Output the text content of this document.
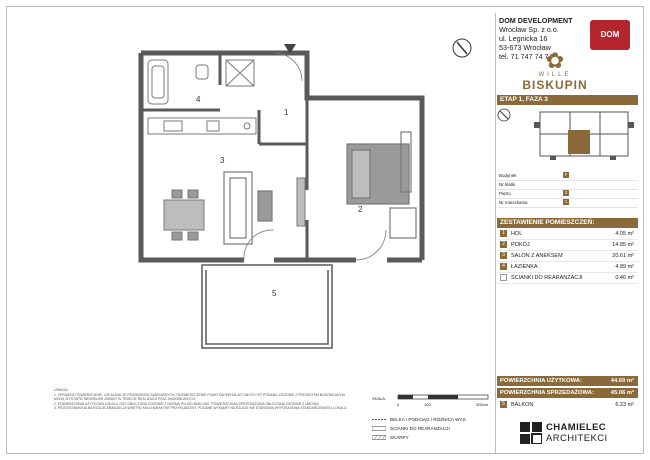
1
2
3
4
5
DOM DEVELOPMENT
Wrocław Sp. z o.o.
ul. Legnicka 16
53-673 Wrocław
tel. 71 747 74 74
DOM
✿
WILLE
BISKUPIN
ETAP 1, FAZA 3
Budynek	F
Nr klatki
Piętro	2
Nr mieszkania	1
ZESTAWIENIE POMIESZCZEŃ:
1	HOL	4.05 m²
2	POKÓJ	14.85 m²
3	SALON Z ANEKSEM	20.61 m²
4	ŁAZIENKA	4.89 m²
ŚCIANKI DO REARANŻACJI	0.46 m²
POWIERZCHNIA UŻYTKOWA:	44.69 m²
POWIERZCHNIA SPRZEDAŻOWA:	45.06 m²
5	BALKON	6.23 m²
UWAGA:
1. SPRAWDŹ POWIERZCHNIE, LOKALIZACJĘ PRZEBORÓW SANITARNYCH, ROZMIESZCZENIE PUNKTÓW INSTALACYJNYCH ITP. PODANO ZGODNIE Z PROJEKTEM BUDOWLANYM. MOGĄ WYSTĄPIĆ NIEWIELKIE ZMIANY W TRAKCIE REALIZACJI PRAC BUDOWLANYCH.
2. POWIERZCHNIA UŻYTKOWA LOKALU 2017 OBLICZONA ZGODNIE Z NORMĄ PN-ISO 9836:1997. POWIERZCHNIA SPRZEDAŻOWA OBLICZONA ZGODNIE Z UMOWĄ.
3. PRZEDSTAWIONA NA RZUCIE ARANŻACJA WNĘTRZ MA CHARAKTER PRZYKŁADOWY. PODANE WYMIARY NA RZUCIE NIE STANOWIĄ WYPOSAŻENIA STANDARDOWEGO LOKALU.
SKALA:
0	100	300cm
BELKA / PODCIĄG / RÓŻNICA WYS.
ŚCIANKI DO REARANŻACJI
SKARPY
CHAMIELEC
ARCHITEKCI
